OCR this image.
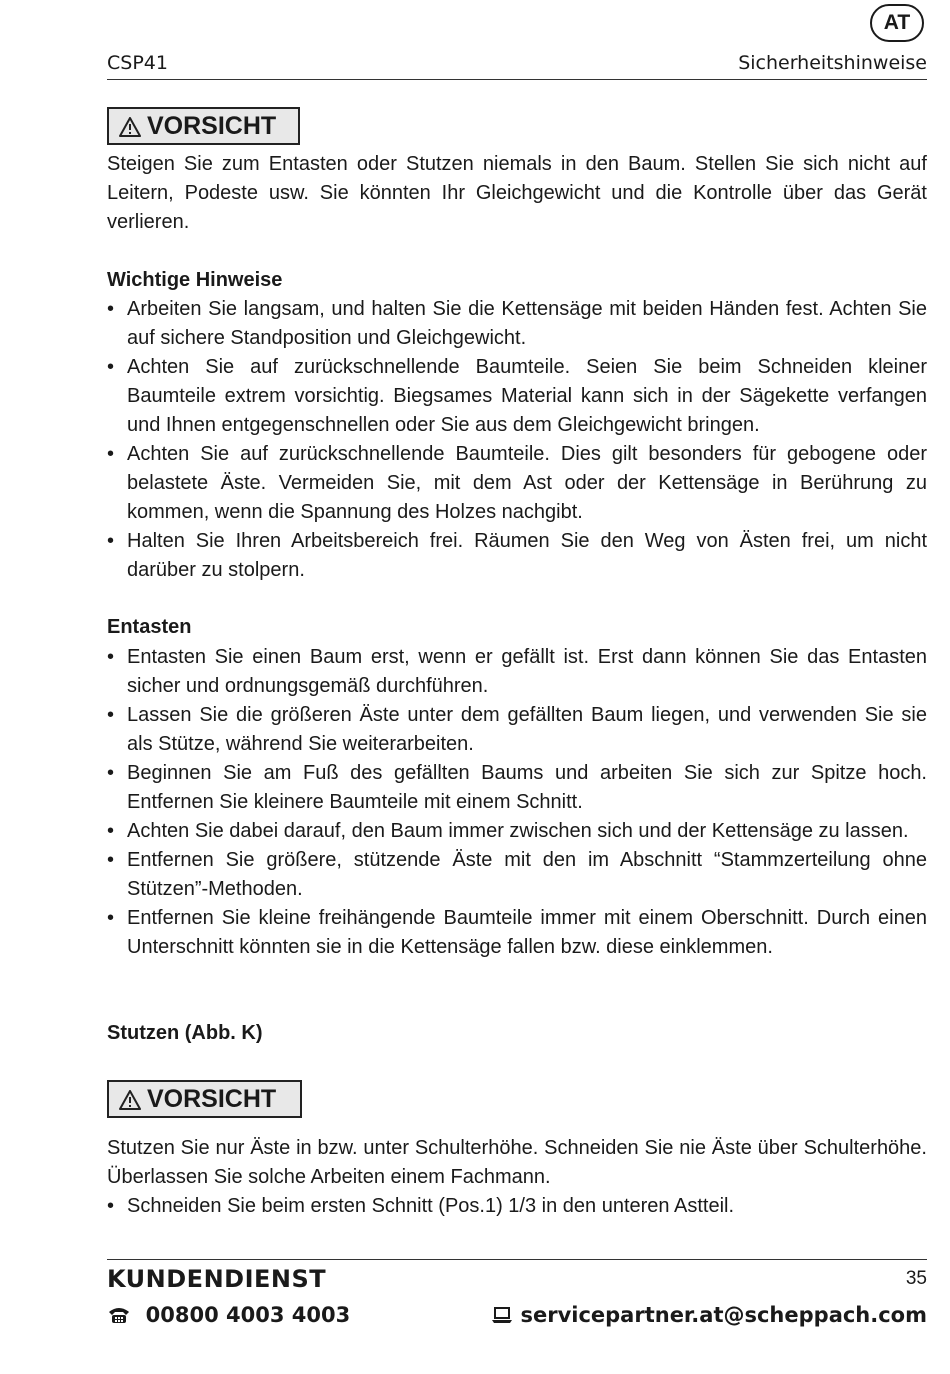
AT
CSP41	Sicherheitshinweise
VORSICHT
Steigen Sie zum Entasten oder Stutzen niemals in den Baum. Stellen Sie sich nicht auf Leitern, Podeste usw. Sie könnten Ihr Gleichgewicht und die Kontrolle über das Gerät verlieren.
Wichtige Hinweise
• Arbeiten Sie langsam, und halten Sie die Kettensäge mit beiden Händen fest. Achten Sie auf sichere Standposition und Gleichgewicht.
• Achten Sie auf zurückschnellende Baumteile. Seien Sie beim Schneiden kleiner Baumteile extrem vorsichtig. Biegsames Material kann sich in der Sägekette verfangen und Ihnen entgegenschnellen oder Sie aus dem Gleichgewicht bringen.
• Achten Sie auf zurückschnellende Baumteile. Dies gilt besonders für gebogene oder belastete Äste. Vermeiden Sie, mit dem Ast oder der Kettensäge in Berührung zu kommen, wenn die Spannung des Holzes nachgibt.
• Halten Sie Ihren Arbeitsbereich frei. Räumen Sie den Weg von Ästen frei, um nicht darüber zu stolpern.
Entasten
• Entasten Sie einen Baum erst, wenn er gefällt ist. Erst dann können Sie das Entasten sicher und ordnungsgemäß durchführen.
• Lassen Sie die größeren Äste unter dem gefällten Baum liegen, und verwenden Sie sie als Stütze, während Sie weiterarbeiten.
• Beginnen Sie am Fuß des gefällten Baums und arbeiten Sie sich zur Spitze hoch. Entfernen Sie kleinere Baumteile mit einem Schnitt.
• Achten Sie dabei darauf, den Baum immer zwischen sich und der Kettensäge zu lassen.
• Entfernen Sie größere, stützende Äste mit den im Abschnitt “Stammzerteilung ohne Stützen”-Methoden.
• Entfernen Sie kleine freihängende Baumteile immer mit einem Oberschnitt. Durch einen Unterschnitt könnten sie in die Kettensäge fallen bzw. diese einklemmen.
Stutzen (Abb. K)
VORSICHT
Stutzen Sie nur Äste in bzw. unter Schulterhöhe. Schneiden Sie nie Äste über Schulterhöhe. Überlassen Sie solche Arbeiten einem Fachmann.
• Schneiden Sie beim ersten Schnitt (Pos.1) 1/3 in den unteren Astteil.
KUNDENDIENST	35
00800 4003 4003	servicepartner.at@scheppach.com
